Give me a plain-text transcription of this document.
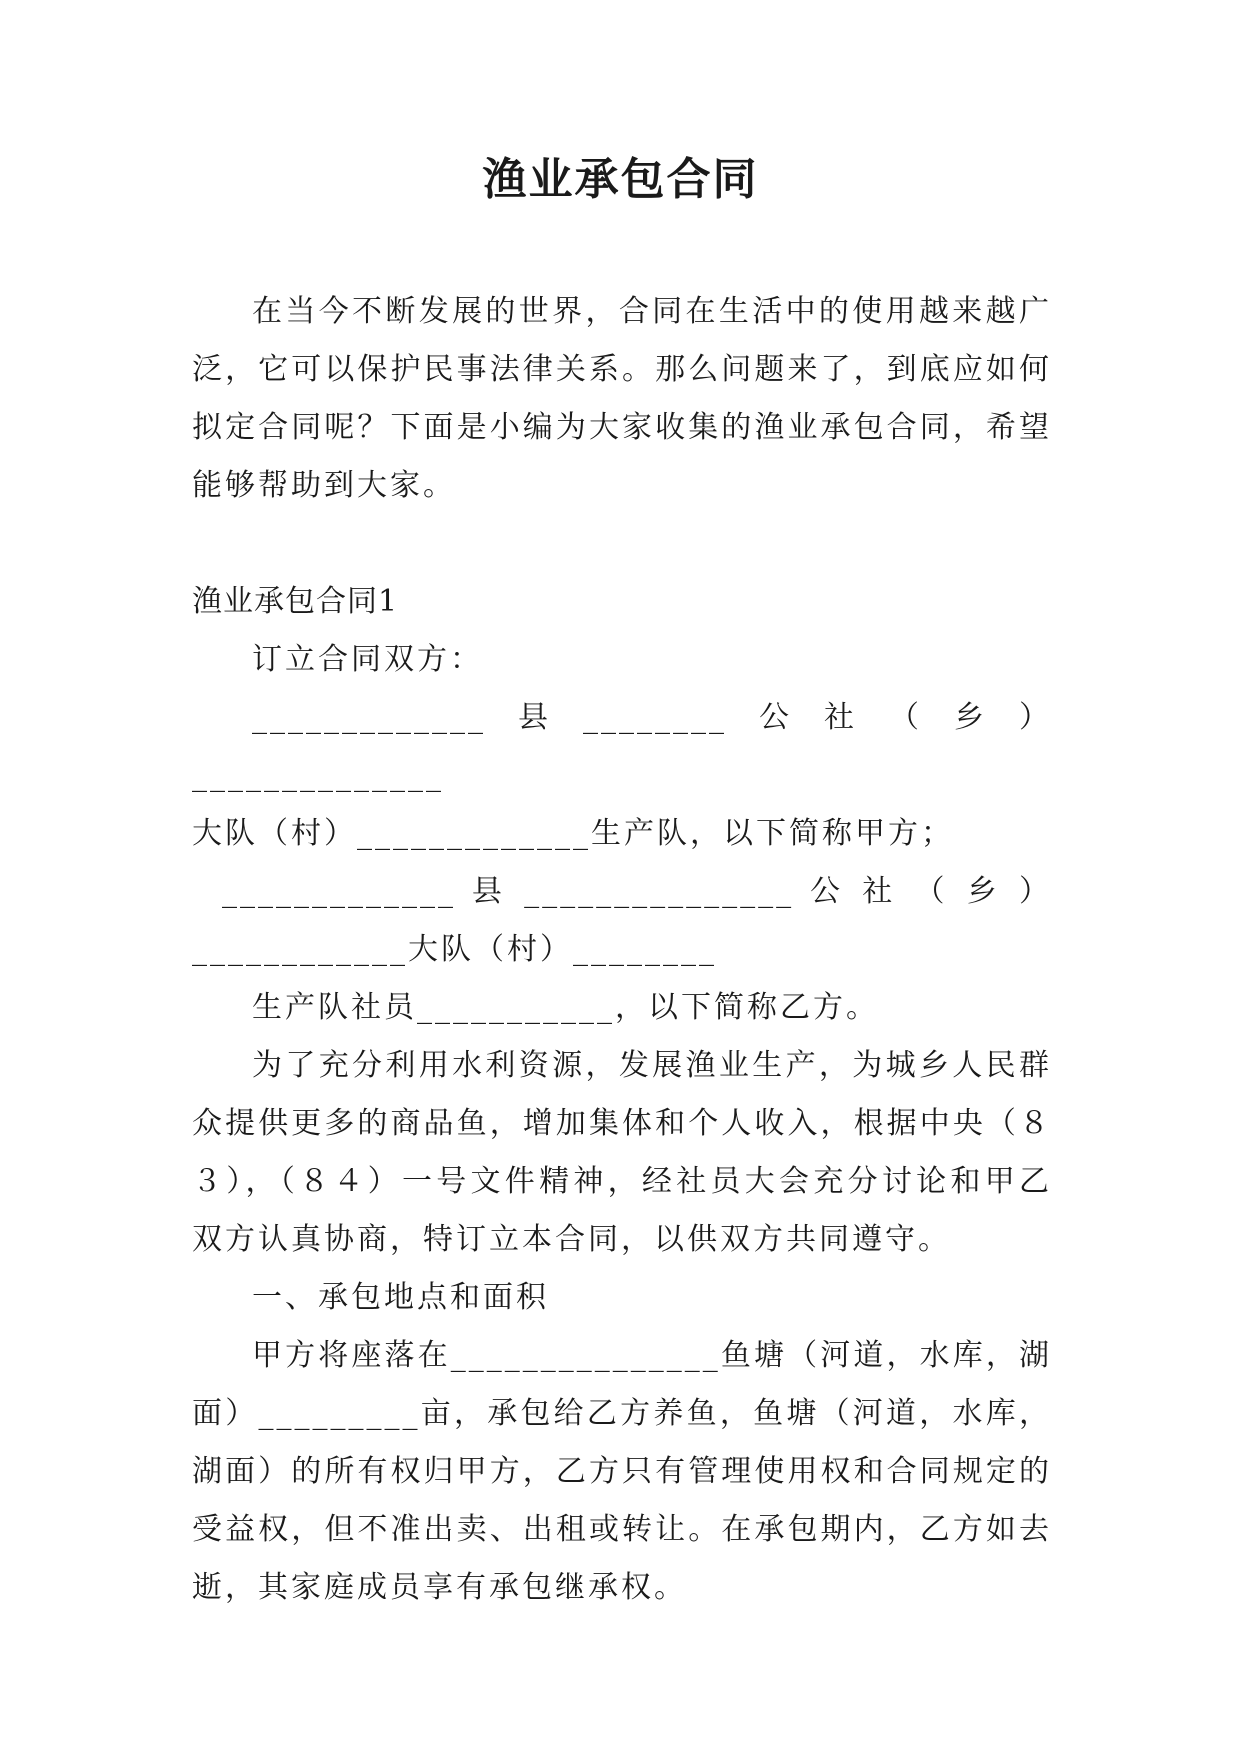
渔业承包合同

在当今不断发展的世界，合同在生活中的使用越来越广泛，它可以保护民事法律关系。那么问题来了，到底应如何拟定合同呢？下面是小编为大家收集的渔业承包合同，希望能够帮助到大家。

渔业承包合同1

订立合同双方：

_____________县________公社（乡）______________

大队（村）_____________生产队，以下简称甲方；

_____________ 县 _______________ 公 社 （ 乡 ）

____________大队（村）________

生产队社员___________，以下简称乙方。

为了充分利用水利资源，发展渔业生产，为城乡人民群众提供更多的商品鱼，增加集体和个人收入，根据中央（８３），（８４）一号文件精神，经社员大会充分讨论和甲乙双方认真协商，特订立本合同，以供双方共同遵守。

一、承包地点和面积

甲方将座落在_______________鱼塘（河道，水库，湖面）_________亩，承包给乙方养鱼，鱼塘（河道，水库，湖面）的所有权归甲方，乙方只有管理使用权和合同规定的受益权，但不准出卖、出租或转让。在承包期内，乙方如去逝，其家庭成员享有承包继承权。
